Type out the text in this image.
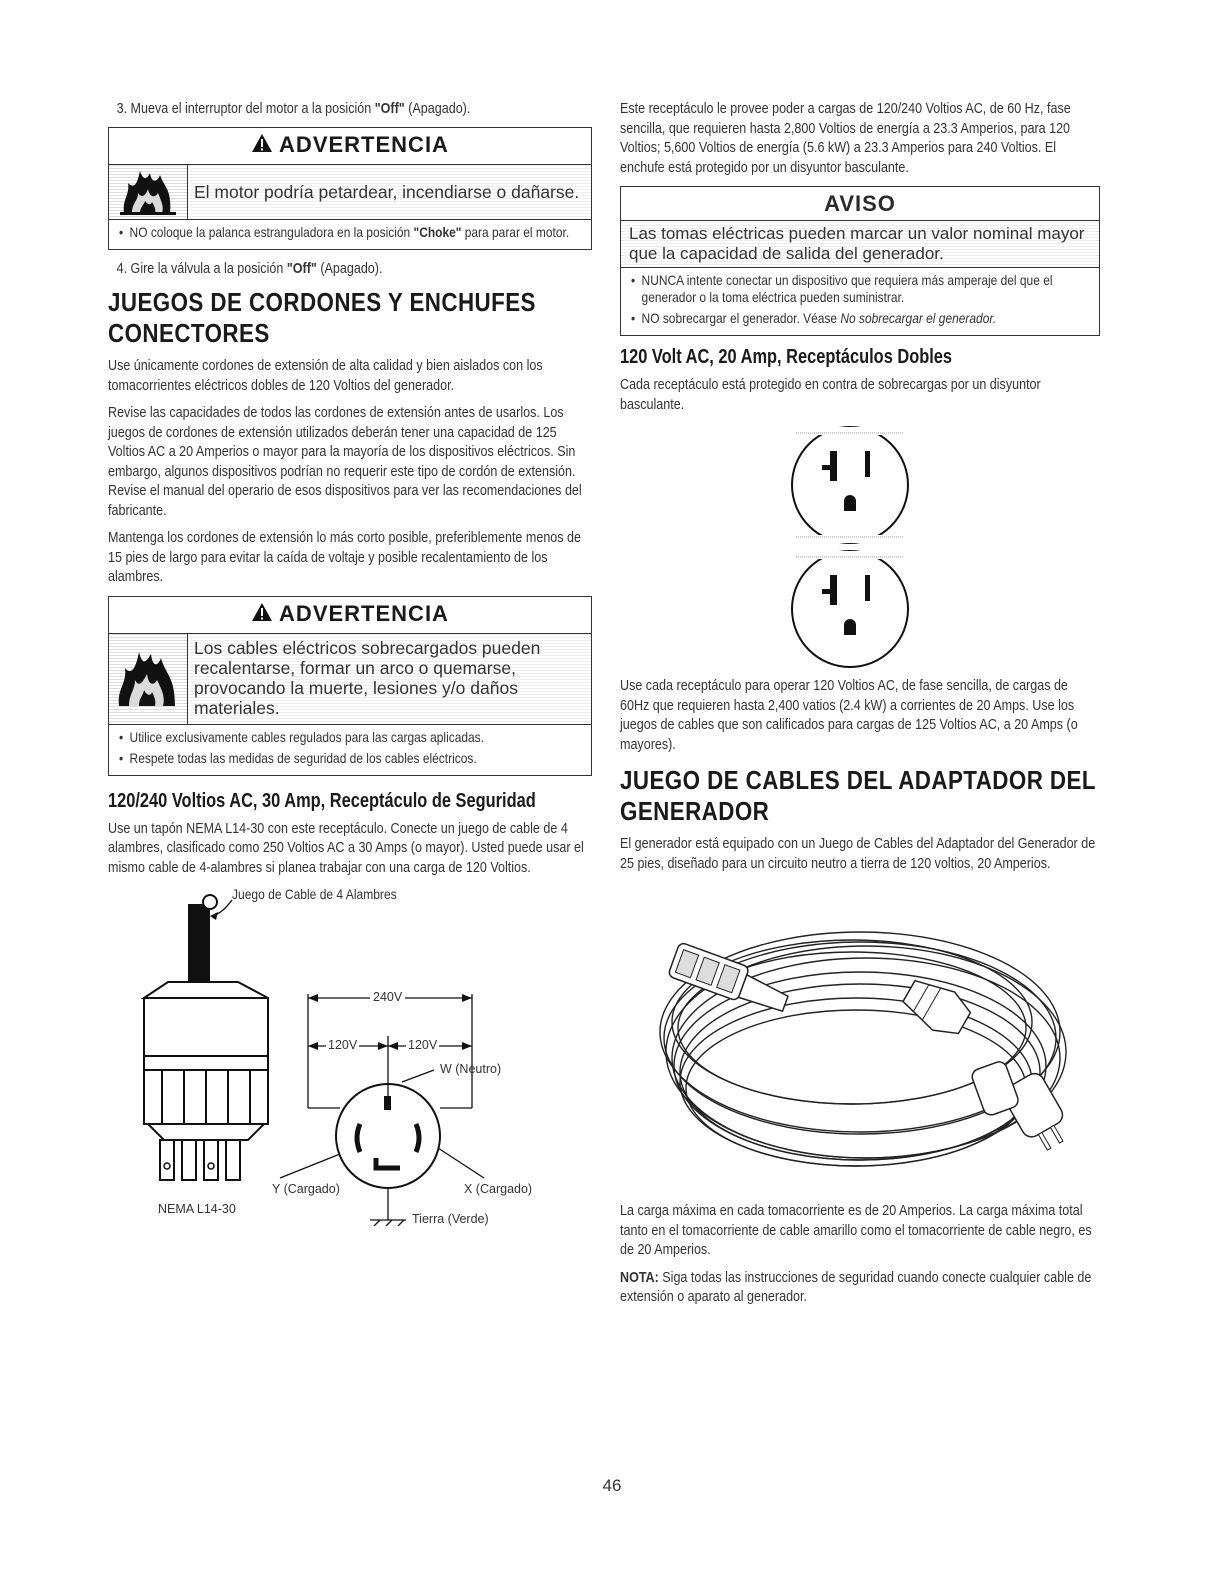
3. Mueva el interruptor del motor a la posición "Off" (Apagado).
ADVERTENCIA
El motor podría petardear, incendiarse o dañarse.
• NO coloque la palanca estranguladora en la posición "Choke" para parar el motor.
4. Gire la válvula a la posición "Off" (Apagado).
JUEGOS DE CORDONES Y ENCHUFES CONECTORES

Use únicamente cordones de extensión de alta calidad y bien aislados con los tomacorrientes eléctricos dobles de 120 Voltios del generador.

Revise las capacidades de todos las cordones de extensión antes de usarlos. Los juegos de cordones de extensión utilizados deberán tener una capacidad de 125 Voltios AC a 20 Amperios o mayor para la mayoría de los dispositivos eléctricos. Sin embargo, algunos dispositivos podrían no requerir este tipo de cordón de extensión. Revise el manual del operario de esos dispositivos para ver las recomendaciones del fabricante.

Mantenga los cordones de extensión lo más corto posible, preferiblemente menos de 15 pies de largo para evitar la caída de voltaje y posible recalentamiento de los alambres.

ADVERTENCIA
Los cables eléctricos sobrecargados pueden recalentarse, formar un arco o quemarse, provocando la muerte, lesiones y/o daños materiales.
• Utilice exclusivamente cables regulados para las cargas aplicadas.
• Respete todas las medidas de seguridad de los cables eléctricos.
120/240 Voltios AC, 30 Amp, Receptáculo de Seguridad

Use un tapón NEMA L14-30 con este receptáculo. Conecte un juego de cable de 4 alambres, clasificado como 250 Voltios AC a 30 Amps (o mayor). Usted puede usar el mismo cable de 4-alambres si planea trabajar con una carga de 120 Voltios.

Juego de Cable de 4 Alambres
240V
120V	120V
W (Neutro)
Y (Cargado)	X (Cargado)
NEMA L14-30
Tierra (Verde)

Este receptáculo le provee poder a cargas de 120/240 Voltios AC, de 60 Hz, fase sencilla, que requieren hasta 2,800 Voltios de energía a 23.3 Amperios, para 120 Voltios; 5,600 Voltios de energía (5.6 kW) a 23.3 Amperios para 240 Voltios. El enchufe está protegido por un disyuntor basculante.

AVISO
Las tomas eléctricas pueden marcar un valor nominal mayor que la capacidad de salida del generador.
• NUNCA intente conectar un dispositivo que requiera más amperaje del que el generador o la toma eléctrica pueden suministrar.
• NO sobrecargar el generador. Véase No sobrecargar el generador.
120 Volt AC, 20 Amp, Receptáculos Dobles

Cada receptáculo está protegido en contra de sobrecargas por un disyuntor basculante.

Use cada receptáculo para operar 120 Voltios AC, de fase sencilla, de cargas de 60Hz que requieren hasta 2,400 vatios (2.4 kW) a corrientes de 20 Amps. Use los juegos de cables que son calificados para cargas de 125 Voltios AC, a 20 Amps (o mayores).

JUEGO DE CABLES DEL ADAPTADOR DEL GENERADOR

El generador está equipado con un Juego de Cables del Adaptador del Generador de 25 pies, diseñado para un circuito neutro a tierra de 120 voltios, 20 Amperios.

La carga máxima en cada tomacorriente es de 20 Amperios. La carga máxima total tanto en el tomacorriente de cable amarillo como el tomacorriente de cable negro, es de 20 Amperios.

NOTA: Siga todas las instrucciones de seguridad cuando conecte cualquier cable de extensión o aparato al generador.

46
